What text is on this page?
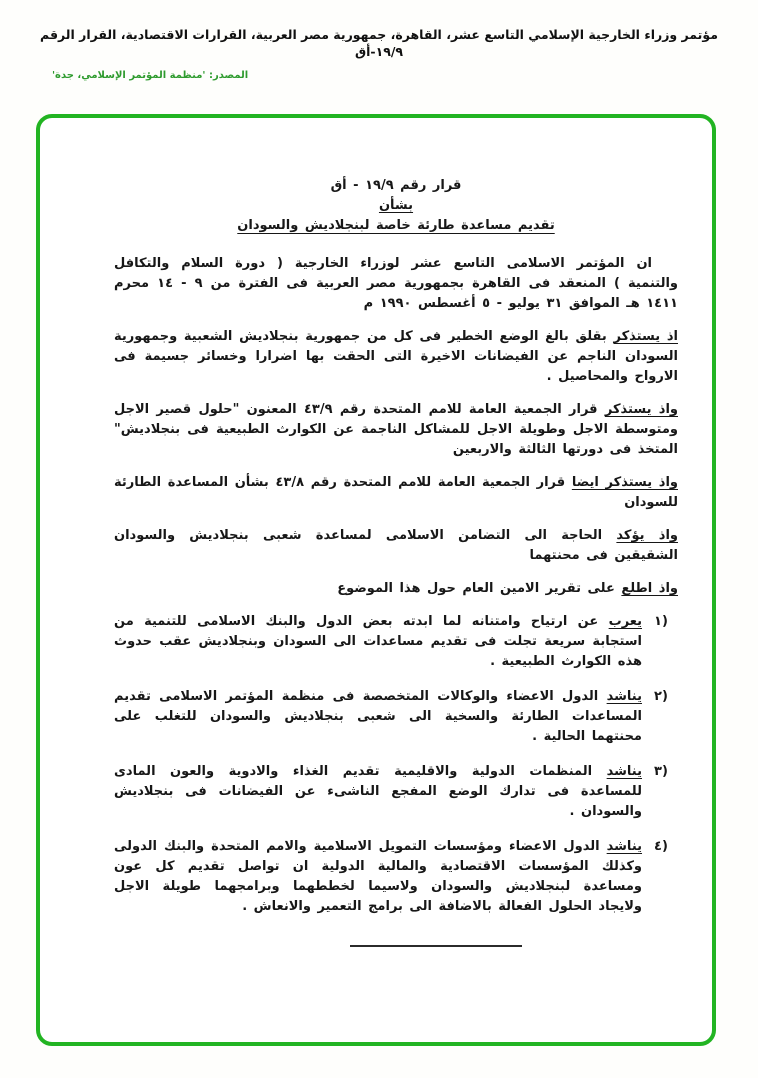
مؤتمر وزراء الخارجية الإسلامي التاسع عشر، القاهرة، جمهورية مصر العربية، القرارات الاقتصادية، القرار الرقم ١٩/٩-أق
المصدر: 'منظمة المؤتمر الإسلامي، جدة'
قرار رقم ١٩/٩ - أق
بشأن
تقديم مساعدة طارئة خاصة لبنجلاديش والسودان

ان المؤتمر الاسلامى التاسع عشر لوزراء الخارجية ( دورة السلام والتكافل والتنمية ) المنعقد فى القاهرة بجمهورية مصر العربية فى الفترة من ٩ - ١٤ محرم ١٤١١ هـ الموافق ٣١ يوليو - ٥ أغسطس ١٩٩٠ م

اذ يستذكر بقلق بالغ الوضع الخطير فى كل من جمهورية بنجلاديش الشعبية وجمهورية السودان الناجم عن الفيضانات الاخيرة التى الحقت بها اضرارا وخسائر جسيمة فى الارواح والمحاصيل .

واذ يستذكر قرار الجمعية العامة للامم المتحدة رقم ٤٣/٩ المعنون "حلول قصير الاجل ومتوسطة الاجل وطويلة الاجل للمشاكل الناجمة عن الكوارث الطبيعية فى بنجلاديش" المتخذ فى دورتها الثالثة والاربعين

واذ يستذكر ايضا قرار الجمعية العامة للامم المتحدة رقم ٤٣/٨ بشأن المساعدة الطارئة للسودان

واذ يؤكد الحاجة الى التضامن الاسلامى لمساعدة شعبى بنجلاديش والسودان الشقيقين فى محنتهما

واذ اطلع على تقرير الامين العام حول هذا الموضوع

١)
يعرب عن ارتياح وامتنانه لما ابدته بعض الدول والبنك الاسلامى للتنمية من استجابة سريعة تجلت فى تقديم مساعدات الى السودان وبنجلاديش عقب حدوث هذه الكوارث الطبيعية .
٢)
يناشد الدول الاعضاء والوكالات المتخصصة فى منظمة المؤتمر الاسلامى تقديم المساعدات الطارئة والسخية الى شعبى بنجلاديش والسودان للتغلب على محنتهما الحالية .
٣)
يناشد المنظمات الدولية والاقليمية تقديم الغذاء والادوية والعون المادى للمساعدة فى تدارك الوضع المفجع الناشىء عن الفيضانات فى بنجلاديش والسودان .
٤)
يناشد الدول الاعضاء ومؤسسات التمويل الاسلامية والامم المتحدة والبنك الدولى وكذلك المؤسسات الاقتصادية والمالية الدولية ان تواصل تقديم كل عون ومساعدة لبنجلاديش والسودان ولاسيما لخططهما وبرامجهما طويلة الاجل ولايجاد الحلول الفعالة بالاضافة الى برامج التعمير والانعاش .
